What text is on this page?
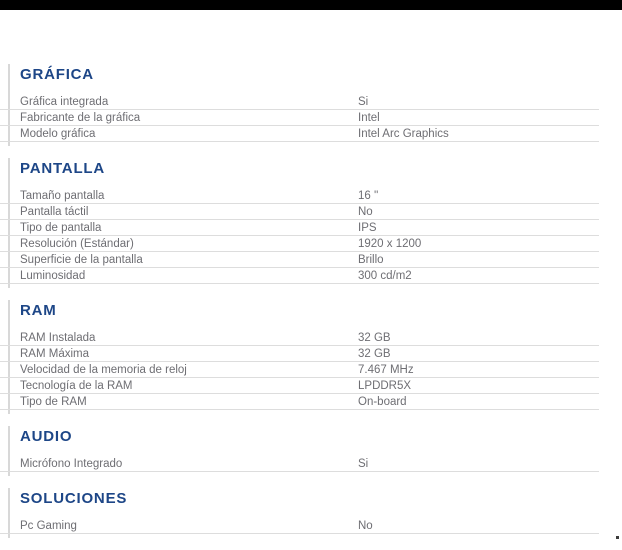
GRÁFICA
Gráfica integrada	Si
Fabricante de la gráfica	Intel
Modelo gráfica	Intel Arc Graphics
PANTALLA
Tamaño pantalla	16 ''
Pantalla táctil	No
Tipo de pantalla	IPS
Resolución (Estándar)	1920 x 1200
Superficie de la pantalla	Brillo
Luminosidad	300 cd/m2
RAM
RAM Instalada	32 GB
RAM Máxima	32 GB
Velocidad de la memoria de reloj	7.467 MHz
Tecnología de la RAM	LPDDR5X
Tipo de RAM	On-board
AUDIO
Micrófono Integrado	Si
SOLUCIONES
Pc Gaming	No
